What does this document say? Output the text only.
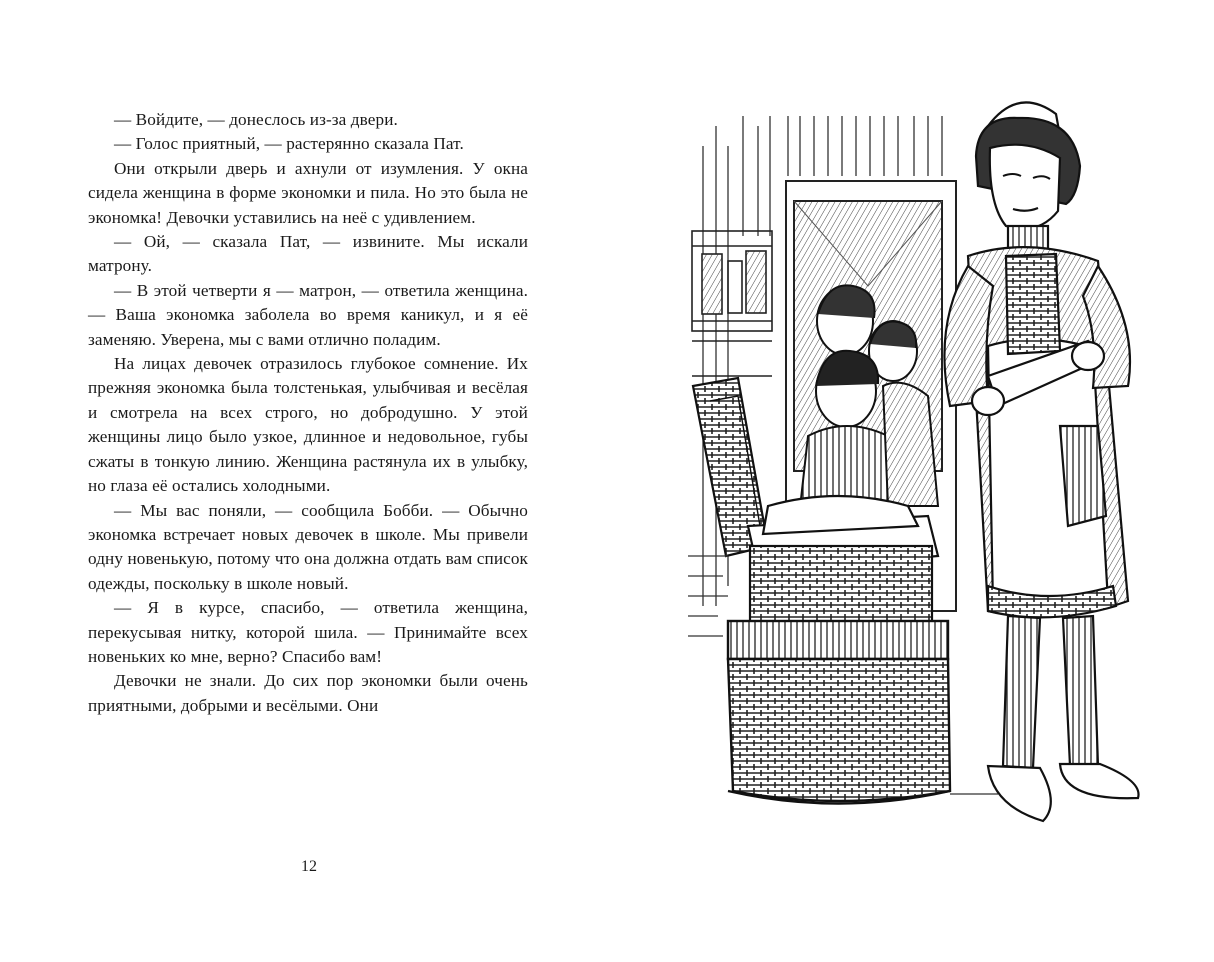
— Войдите, — донеслось из-за двери.

— Голос приятный, — растерянно сказала Пат.

Они открыли дверь и ахнули от изумления. У окна сидела женщина в форме экономки и пила. Но это была не экономка! Девочки уставились на неё с удивлением.

— Ой, — сказала Пат, — извините. Мы искали матрону.

— В этой четверти я — матрон, — ответила женщина. — Ваша экономка заболела во время каникул, и я её заменяю. Уверена, мы с вами отлично поладим.

На лицах девочек отразилось глубокое сомнение. Их прежняя экономка была толстенькая, улыбчивая и весёлая и смотрела на всех строго, но добродушно. У этой женщины лицо было узкое, длинное и недовольное, губы сжаты в тонкую линию. Женщина растянула их в улыбку, но глаза её остались холодными.

— Мы вас поняли, — сообщила Бобби. — Обычно экономка встречает новых девочек в школе. Мы привели одну новенькую, потому что она должна отдать вам список одежды, поскольку в школе новый.

— Я в курсе, спасибо, — ответила женщина, перекусывая нитку, которой шила. — Принимайте всех новеньких ко мне, верно? Спасибо вам!

Девочки не знали. До сих пор экономки были очень приятными, добрыми и весёлыми. Они

12
